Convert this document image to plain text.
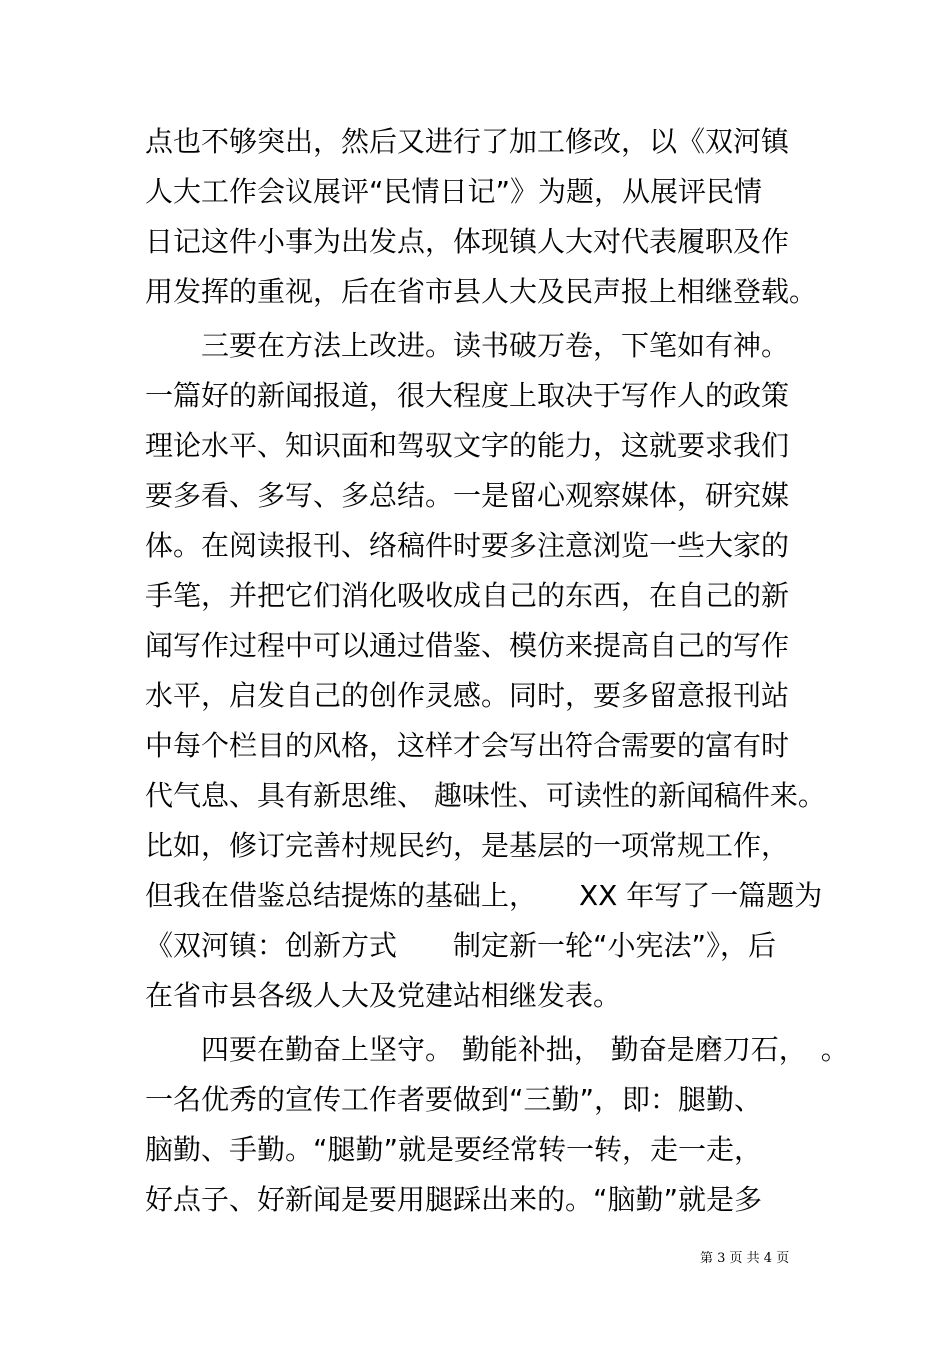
点也不够突出，然后又进行了加工修改，以《双河镇
人大工作会议展评“民情日记”》为题，从展评民情
日记这件小事为出发点，体现镇人大对代表履职及作
用发挥的重视，后在省市县人大及民声报上相继登载。
　　三要在方法上改进。读书破万卷，下笔如有神。
一篇好的新闻报道，很大程度上取决于写作人的政策
理论水平、知识面和驾驭文字的能力，这就要求我们
要多看、多写、多总结。一是留心观察媒体，研究媒
体。在阅读报刊、络稿件时要多注意浏览一些大家的
手笔，并把它们消化吸收成自己的东西，在自己的新
闻写作过程中可以通过借鉴、模仿来提高自己的写作
水平，启发自己的创作灵感。同时，要多留意报刊站
中每个栏目的风格，这样才会写出符合需要的富有时
代气息、具有新思维、 趣味性、可读性的新闻稿件来。
比如，修订完善村规民约，是基层的一项常规工作，
但我在借鉴总结提炼的基础上，　　XX 年写了一篇题为
《双河镇：创新方式　　制定新一轮“小宪法”》，后
在省市县各级人大及党建站相继发表。
　　四要在勤奋上坚守。 勤能补拙， 勤奋是磨刀石，　。
一名优秀的宣传工作者要做到“三勤”，即：腿勤、
脑勤、手勤。“腿勤”就是要经常转一转，走一走，
好点子、好新闻是要用腿踩出来的。“脑勤”就是多
第 3 页 共 4 页
